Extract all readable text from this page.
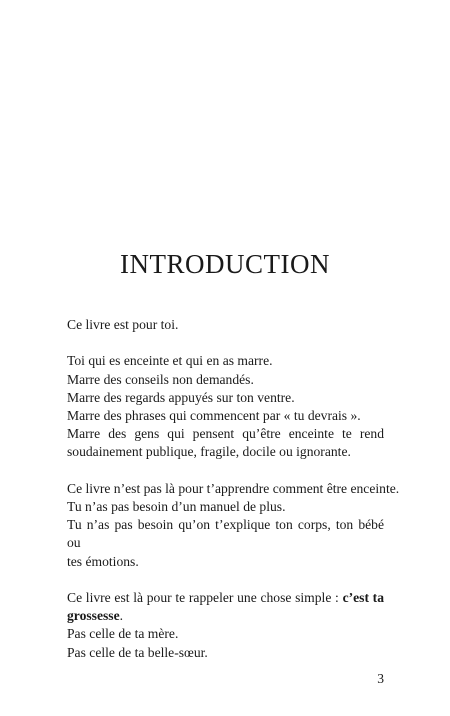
INTRODUCTION

Ce livre est pour toi.

Toi qui es enceinte et qui en as marre.
Marre des conseils non demandés.
Marre des regards appuyés sur ton ventre.
Marre des phrases qui commencent par « tu devrais ».
Marre des gens qui pensent qu’être enceinte te rend
soudainement publique, fragile, docile ou ignorante.

Ce livre n’est pas là pour t’apprendre comment être enceinte.
Tu n’as pas besoin d’un manuel de plus.
Tu n’as pas besoin qu’on t’explique ton corps, ton bébé ou
tes émotions.

Ce livre est là pour te rappeler une chose simple : c’est ta
grossesse.
Pas celle de ta mère.
Pas celle de ta belle-sœur.

3
